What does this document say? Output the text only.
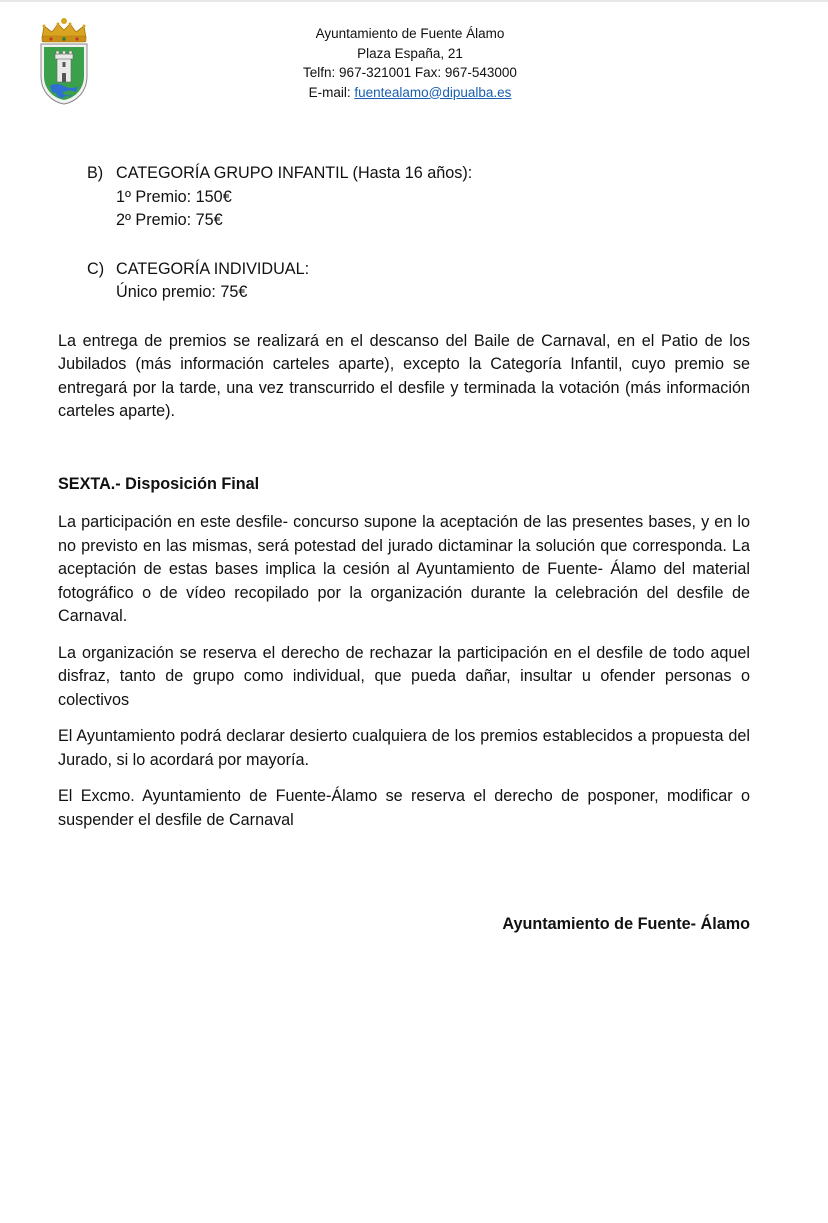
Ayuntamiento de Fuente Álamo
Plaza España, 21
Telfn: 967-321001 Fax: 967-543000
E-mail: fuentealamo@dipualba.es
B) CATEGORÍA GRUPO INFANTIL (Hasta 16 años):
1º Premio: 150€
2º Premio: 75€
C) CATEGORÍA INDIVIDUAL:
Único premio: 75€

La entrega de premios se realizará en el descanso del Baile de Carnaval, en el Patio de los Jubilados (más información carteles aparte), excepto la Categoría Infantil, cuyo premio se entregará por la tarde, una vez transcurrido el desfile y terminada la votación (más información carteles aparte).

SEXTA.- Disposición Final

La participación en este desfile- concurso supone la aceptación de las presentes bases, y en lo no previsto en las mismas, será potestad del jurado dictaminar la solución que corresponda. La aceptación de estas bases implica la cesión al Ayuntamiento de Fuente- Álamo del material fotográfico o de vídeo recopilado por la organización durante la celebración del desfile de Carnaval.

La organización se reserva el derecho de rechazar la participación en el desfile de todo aquel disfraz, tanto de grupo como individual, que pueda dañar, insultar u ofender personas o colectivos

El Ayuntamiento podrá declarar desierto cualquiera de los premios establecidos a propuesta del Jurado, si lo acordará por mayoría.

El Excmo. Ayuntamiento de Fuente-Álamo se reserva el derecho de posponer, modificar o suspender el desfile de Carnaval

Ayuntamiento de Fuente- Álamo
